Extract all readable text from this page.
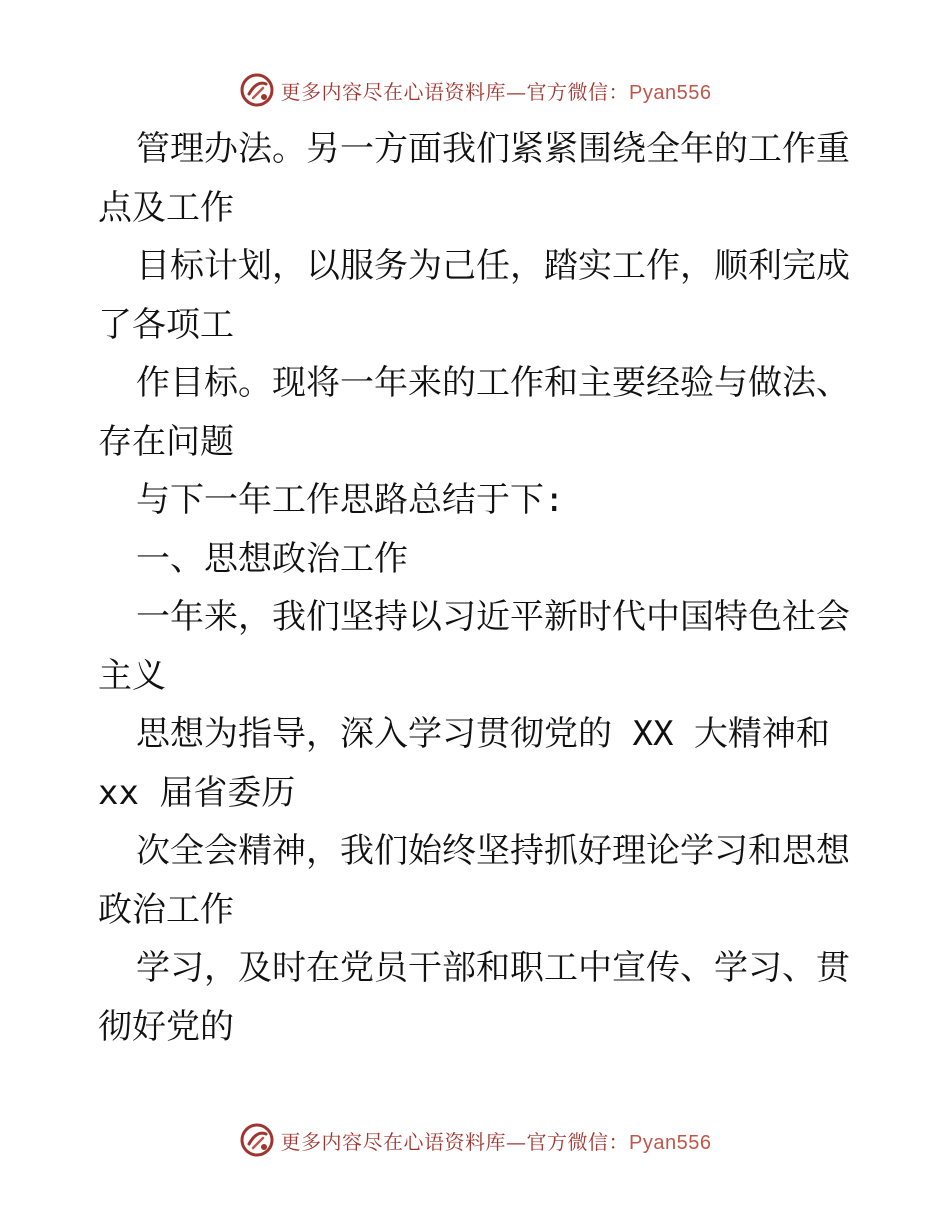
更多内容尽在心语资料库—官方微信：Pyan556
管理办法。另一方面我们紧紧围绕全年的工作重
点及工作
目标计划，以服务为己任，踏实工作，顺利完成
了各项工
作目标。现将一年来的工作和主要经验与做法、
存在问题
与下一年工作思路总结于下:
一、思想政治工作
一年来，我们坚持以习近平新时代中国特色社会
主义
思想为指导，深入学习贯彻党的 XX 大精神和
xx 届省委历
次全会精神，我们始终坚持抓好理论学习和思想
政治工作
学习，及时在党员干部和职工中宣传、学习、贯
彻好党的
更多内容尽在心语资料库—官方微信：Pyan556
